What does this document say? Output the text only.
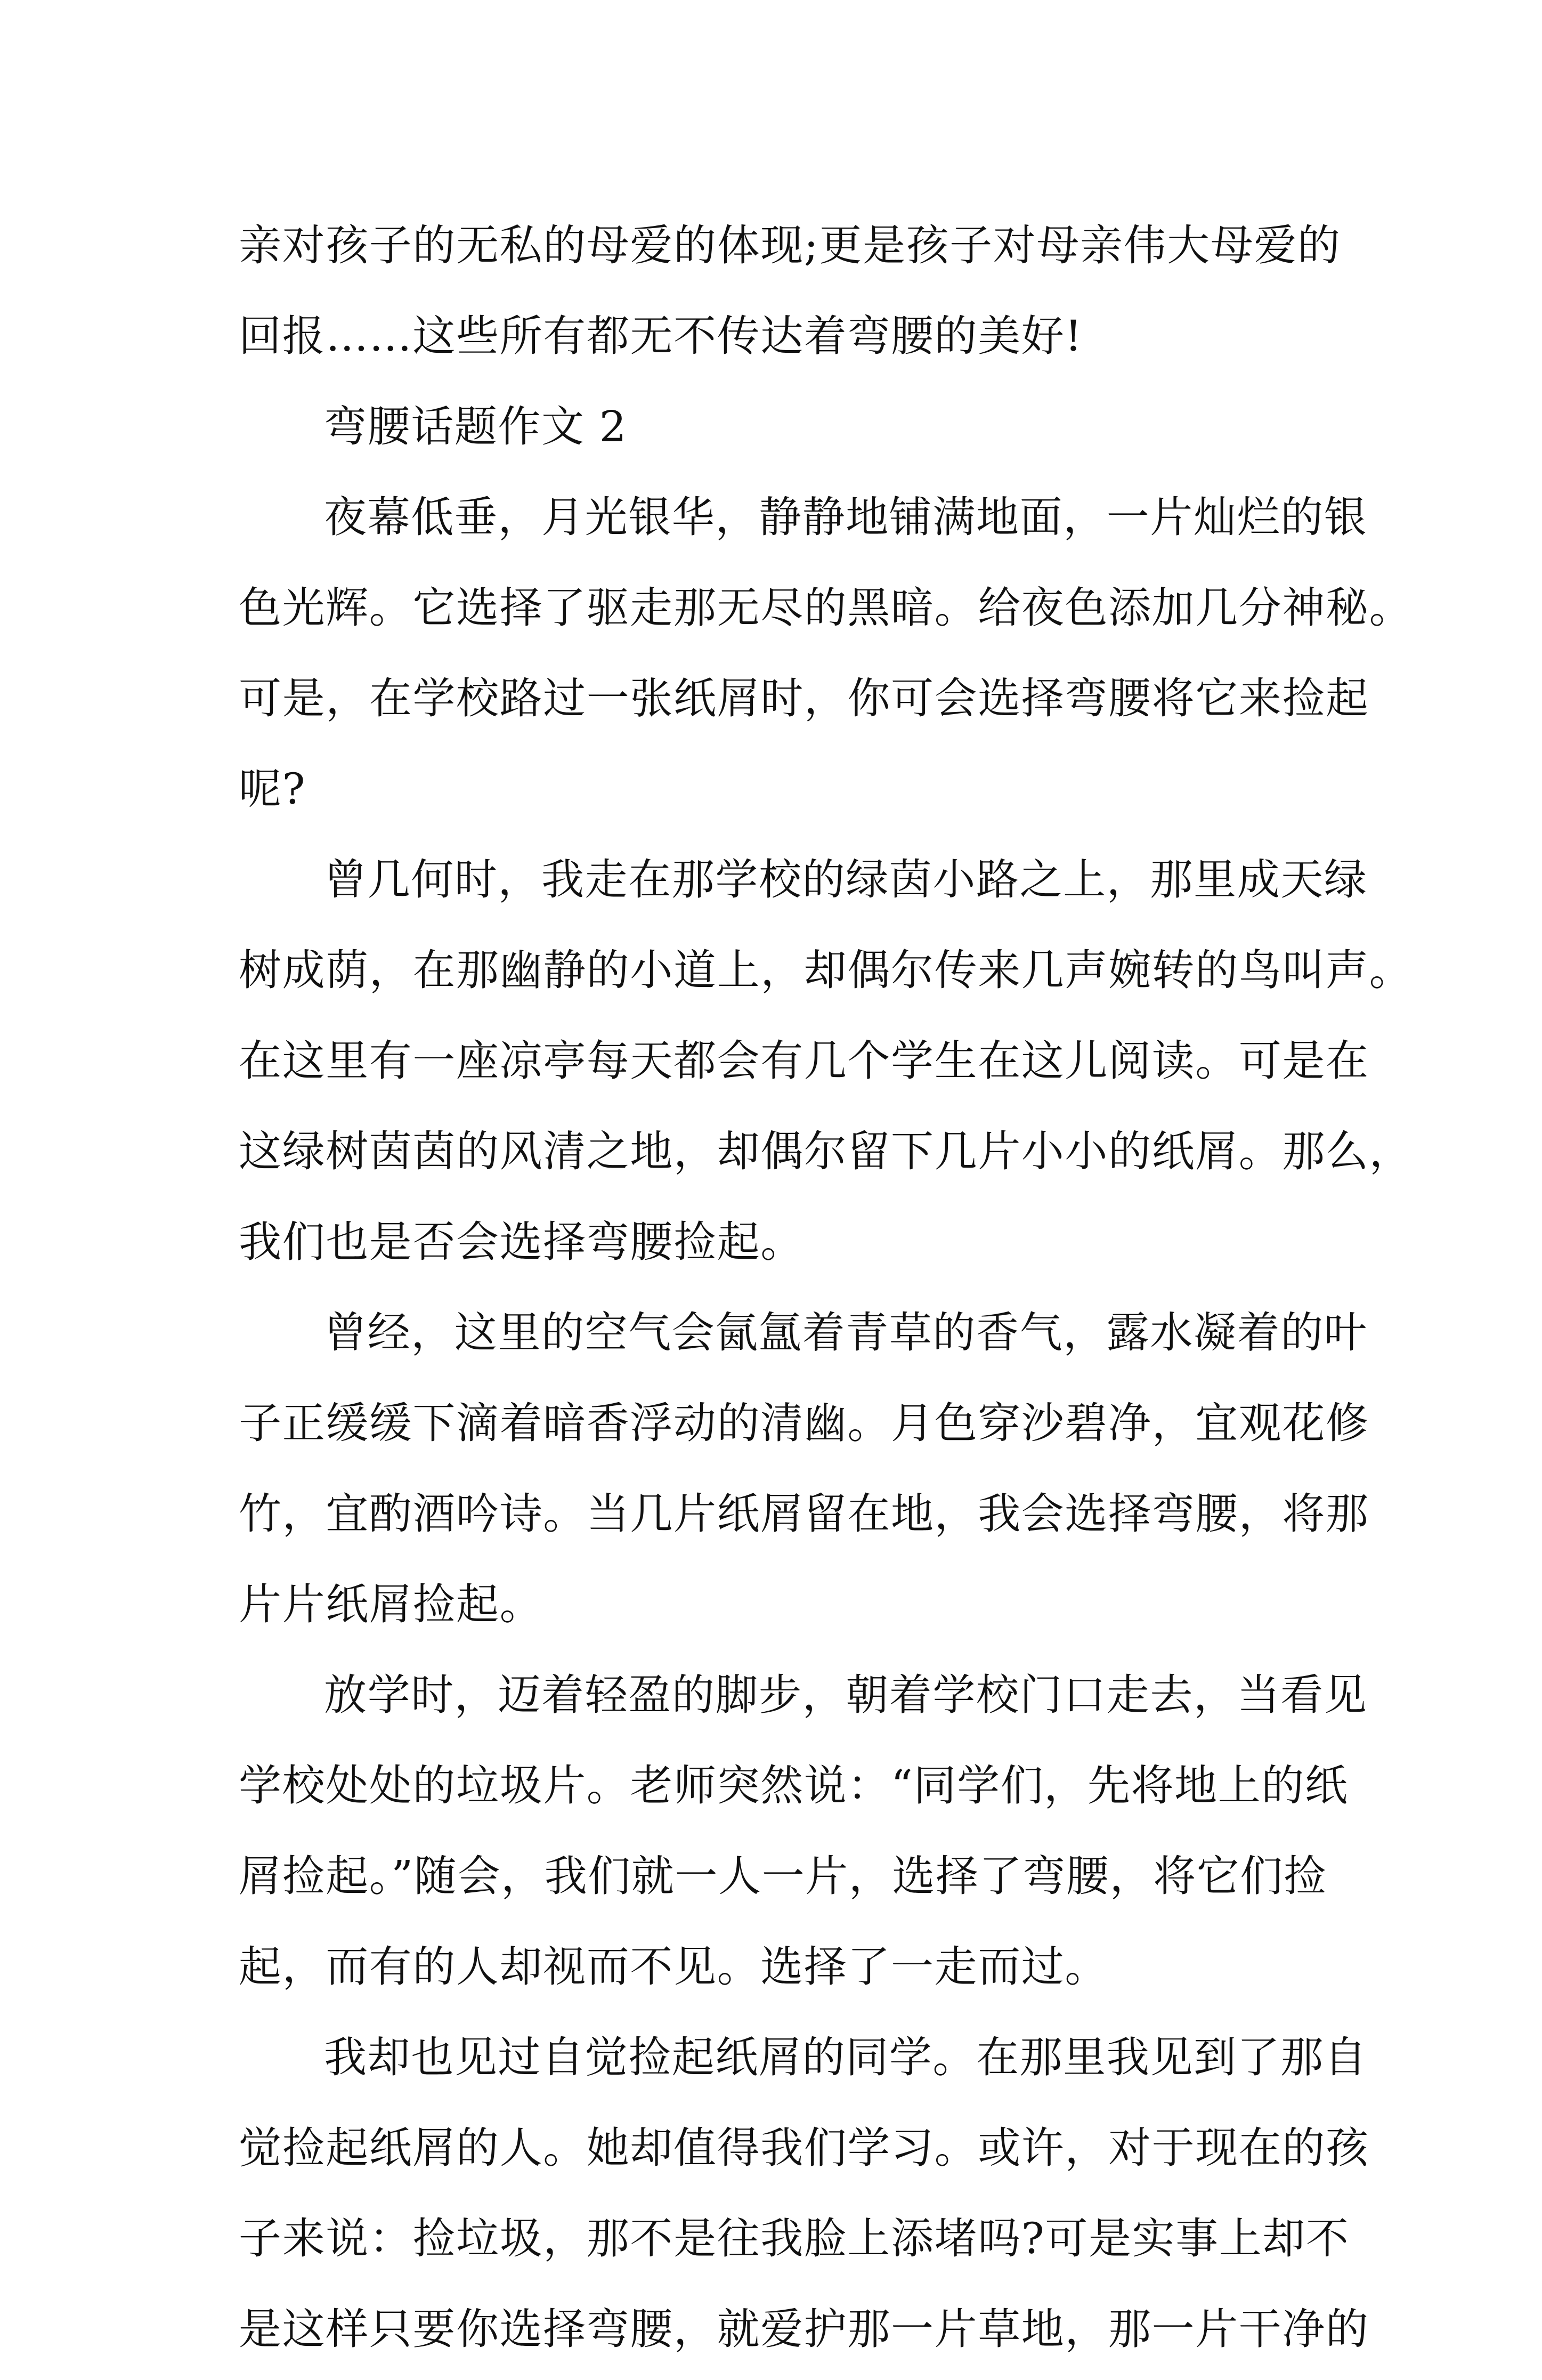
亲对孩子的无私的母爱的体现;更是孩子对母亲伟大母爱的
回报……这些所有都无不传达着弯腰的美好!
弯腰话题作文 2
夜幕低垂，月光银华，静静地铺满地面，一片灿烂的银
色光辉。它选择了驱走那无尽的黑暗。给夜色添加几分神秘。
可是，在学校路过一张纸屑时，你可会选择弯腰将它来捡起
呢?
曾几何时，我走在那学校的绿茵小路之上，那里成天绿
树成荫，在那幽静的小道上，却偶尔传来几声婉转的鸟叫声。
在这里有一座凉亭每天都会有几个学生在这儿阅读。可是在
这绿树茵茵的风清之地，却偶尔留下几片小小的纸屑。那么，
我们也是否会选择弯腰捡起。
曾经，这里的空气会氤氲着青草的香气，露水凝着的叶
子正缓缓下滴着暗香浮动的清幽。月色穿沙碧净，宜观花修
竹，宜酌酒吟诗。当几片纸屑留在地，我会选择弯腰，将那
片片纸屑捡起。
放学时，迈着轻盈的脚步，朝着学校门口走去，当看见
学校处处的垃圾片。老师突然说：“同学们，先将地上的纸
屑捡起。”随会，我们就一人一片，选择了弯腰，将它们捡
起，而有的人却视而不见。选择了一走而过。
我却也见过自觉捡起纸屑的同学。在那里我见到了那自
觉捡起纸屑的人。她却值得我们学习。或许，对于现在的孩
子来说：捡垃圾，那不是往我脸上添堵吗?可是实事上却不
是这样只要你选择弯腰，就爱护那一片草地，那一片干净的
